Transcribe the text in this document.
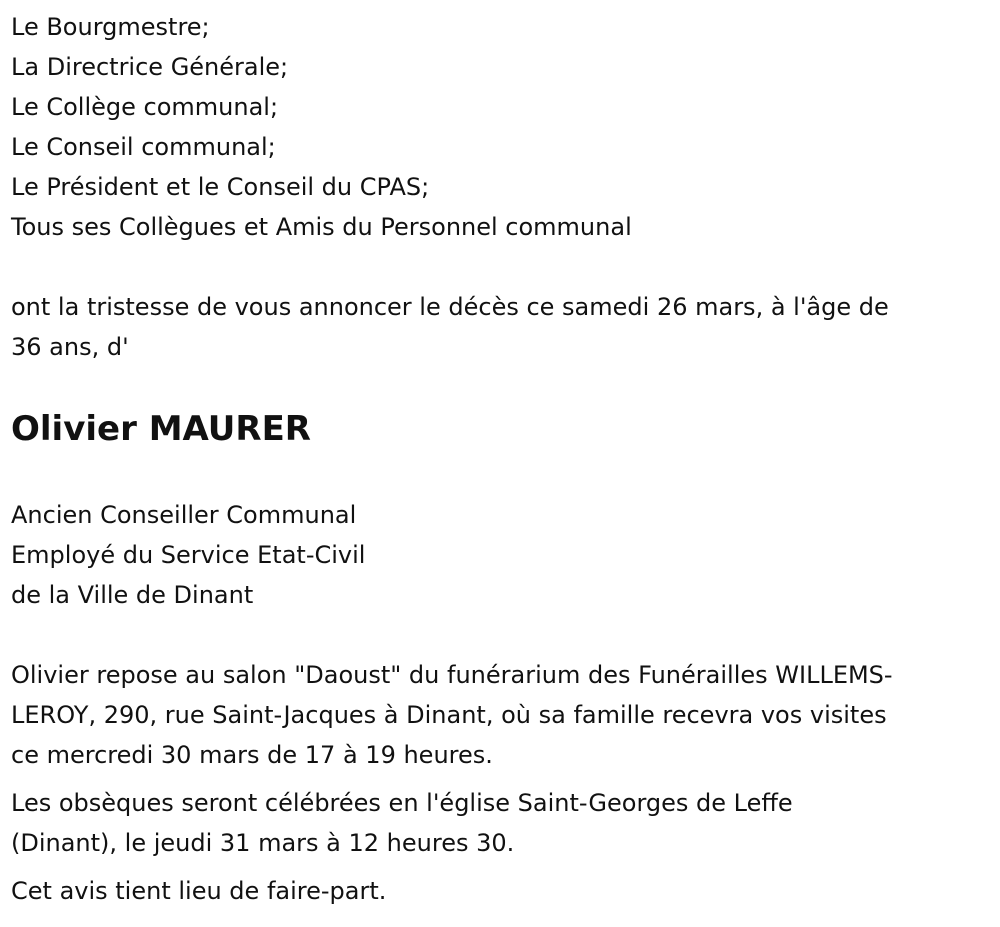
Le Bourgmestre;

La Directrice Générale;

Le Collège communal;

Le Conseil communal;

Le Président et le Conseil du CPAS;

Tous ses Collègues et Amis du Personnel communal

ont la tristesse de vous annoncer le décès ce samedi 26 mars, à l'âge de

36 ans, d'

Olivier MAURER

Ancien Conseiller Communal

Employé du Service Etat-Civil

de la Ville de Dinant

Olivier repose au salon "Daoust" du funérarium des Funérailles WILLEMS-

LEROY, 290, rue Saint-Jacques à Dinant, où sa famille recevra vos visites

ce mercredi 30 mars de 17 à 19 heures.

Les obsèques seront célébrées en l'église Saint-Georges de Leffe

(Dinant), le jeudi 31 mars à 12 heures 30.

Cet avis tient lieu de faire-part.
